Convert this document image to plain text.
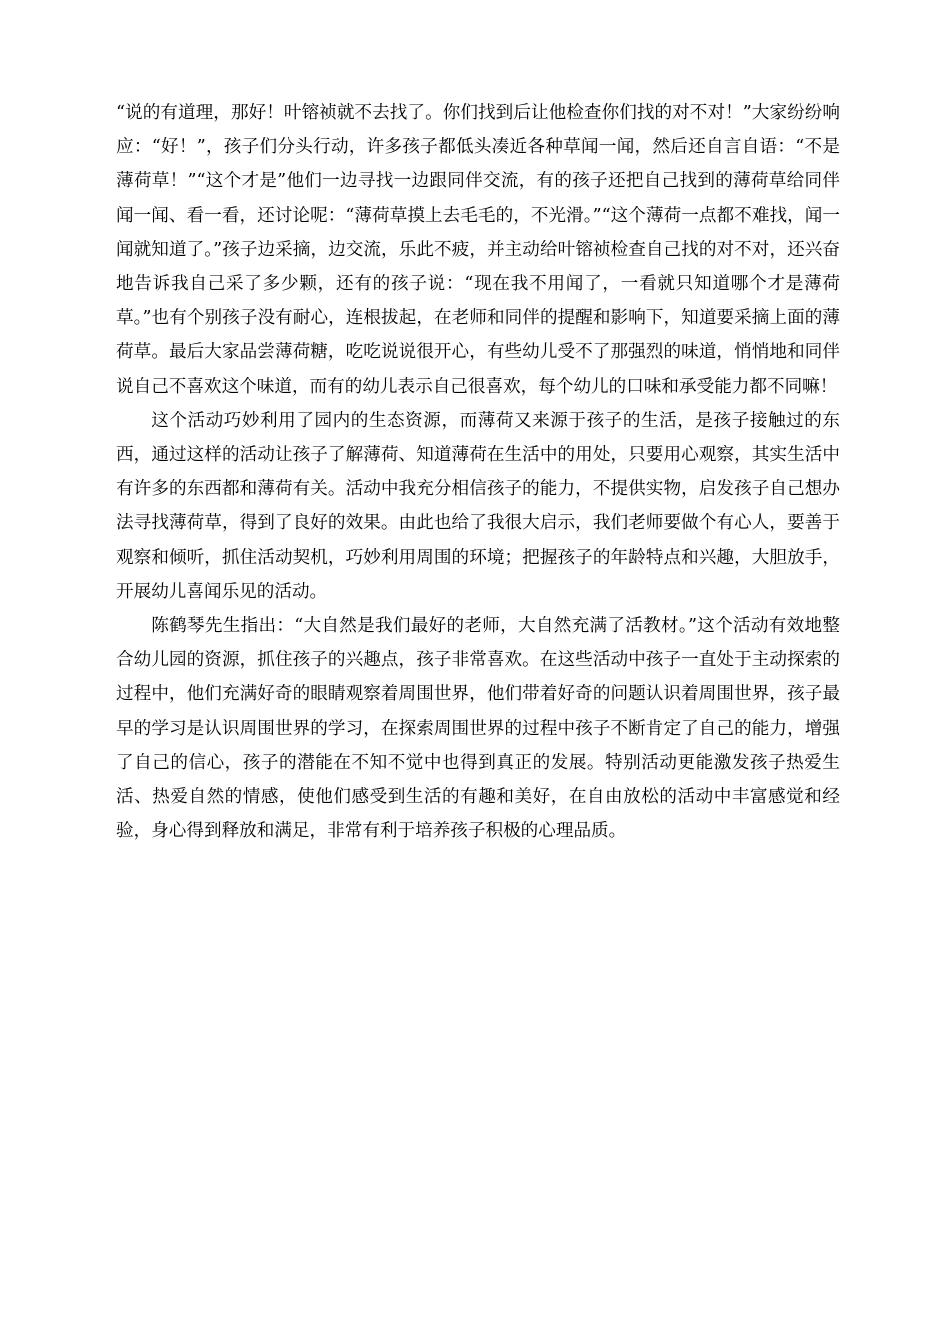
“说的有道理，那好！叶镕祯就不去找了。你们找到后让他检查你们找的对不对！”大家纷纷响应：“好！”，孩子们分头行动，许多孩子都低头凑近各种草闻一闻，然后还自言自语：“不是薄荷草！”“这个才是”他们一边寻找一边跟同伴交流，有的孩子还把自己找到的薄荷草给同伴闻一闻、看一看，还讨论呢：“薄荷草摸上去毛毛的，不光滑。”“这个薄荷一点都不难找，闻一闻就知道了。”孩子边采摘，边交流，乐此不疲，并主动给叶镕祯检查自己找的对不对，还兴奋地告诉我自己采了多少颗，还有的孩子说：“现在我不用闻了，一看就只知道哪个才是薄荷草。”也有个别孩子没有耐心，连根拔起，在老师和同伴的提醒和影响下，知道要采摘上面的薄荷草。最后大家品尝薄荷糖，吃吃说说很开心，有些幼儿受不了那强烈的味道，悄悄地和同伴说自己不喜欢这个味道，而有的幼儿表示自己很喜欢，每个幼儿的口味和承受能力都不同嘛！

这个活动巧妙利用了园内的生态资源，而薄荷又来源于孩子的生活，是孩子接触过的东西，通过这样的活动让孩子了解薄荷、知道薄荷在生活中的用处，只要用心观察，其实生活中有许多的东西都和薄荷有关。活动中我充分相信孩子的能力，不提供实物，启发孩子自己想办法寻找薄荷草，得到了良好的效果。由此也给了我很大启示，我们老师要做个有心人，要善于观察和倾听，抓住活动契机，巧妙利用周围的环境；把握孩子的年龄特点和兴趣，大胆放手，开展幼儿喜闻乐见的活动。

陈鹤琴先生指出：“大自然是我们最好的老师，大自然充满了活教材。”这个活动有效地整合幼儿园的资源，抓住孩子的兴趣点，孩子非常喜欢。在这些活动中孩子一直处于主动探索的过程中，他们充满好奇的眼睛观察着周围世界，他们带着好奇的问题认识着周围世界，孩子最早的学习是认识周围世界的学习，在探索周围世界的过程中孩子不断肯定了自己的能力，增强了自己的信心，孩子的潜能在不知不觉中也得到真正的发展。特别活动更能激发孩子热爱生活、热爱自然的情感，使他们感受到生活的有趣和美好，在自由放松的活动中丰富感觉和经验，身心得到释放和满足，非常有利于培养孩子积极的心理品质。
